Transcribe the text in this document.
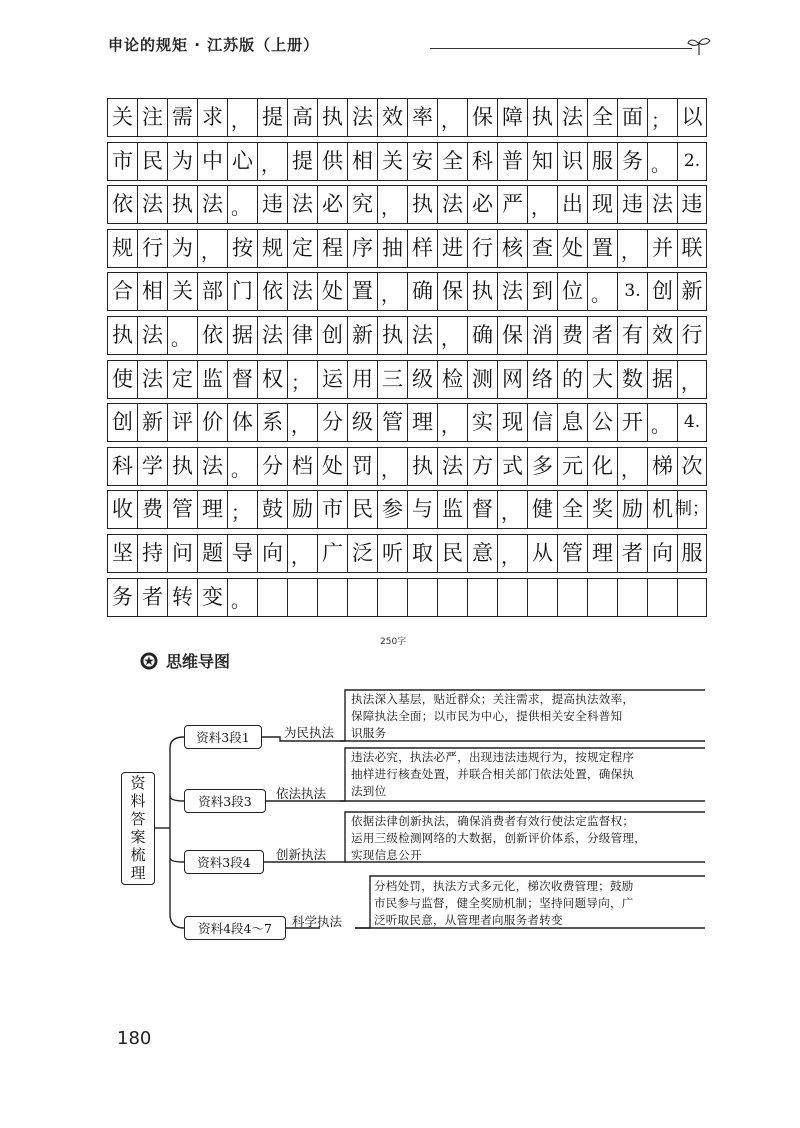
申论的规矩 · 江苏版（上册）
关 注 需 求 ， 提 高 执 法 效 率 ， 保 障 执 法 全 面 ； 以
市 民 为 中 心 ， 提 供 相 关 安 全 科 普 知 识 服 务 。 2.
依 法 执 法 。 违 法 必 究 ， 执 法 必 严 ， 出 现 违 法 违
规 行 为 ， 按 规 定 程 序 抽 样 进 行 核 查 处 置 ， 并 联
合 相 关 部 门 依 法 处 置 ， 确 保 执 法 到 位 。 3. 创 新
执 法 。 依 据 法 律 创 新 执 法 ， 确 保 消 费 者 有 效 行
使 法 定 监 督 权 ； 运 用 三 级 检 测 网 络 的 大 数 据 ，
创 新 评 价 体 系 ， 分 级 管 理 ， 实 现 信 息 公 开 。 4.
科 学 执 法 。 分 档 处 罚 ， 执 法 方 式 多 元 化 ， 梯 次
收 费 管 理 ； 鼓 励 市 民 参 与 监 督 ， 健 全 奖 励 机 制；
坚 持 问 题 导 向 ， 广 泛 听 取 民 意 ， 从 管 理 者 向 服
务 者 转 变 。
250字
思维导图
资料答案梳理
资料3段1
资料3段3
资料3段4
资料4段4～7
为民执法
依法执法
创新执法
科学执法
执法深入基层，贴近群众；关注需求，提高执法效率，
保障执法全面；以市民为中心，提供相关安全科普知
识服务
违法必究，执法必严，出现违法违规行为，按规定程序
抽样进行核查处置，并联合相关部门依法处置，确保执
法到位
依据法律创新执法，确保消费者有效行使法定监督权；
运用三级检测网络的大数据，创新评价体系，分级管理，
实现信息公开
分档处罚，执法方式多元化，梯次收费管理；鼓励
市民参与监督，健全奖励机制；坚持问题导向，广
泛听取民意，从管理者向服务者转变
180
